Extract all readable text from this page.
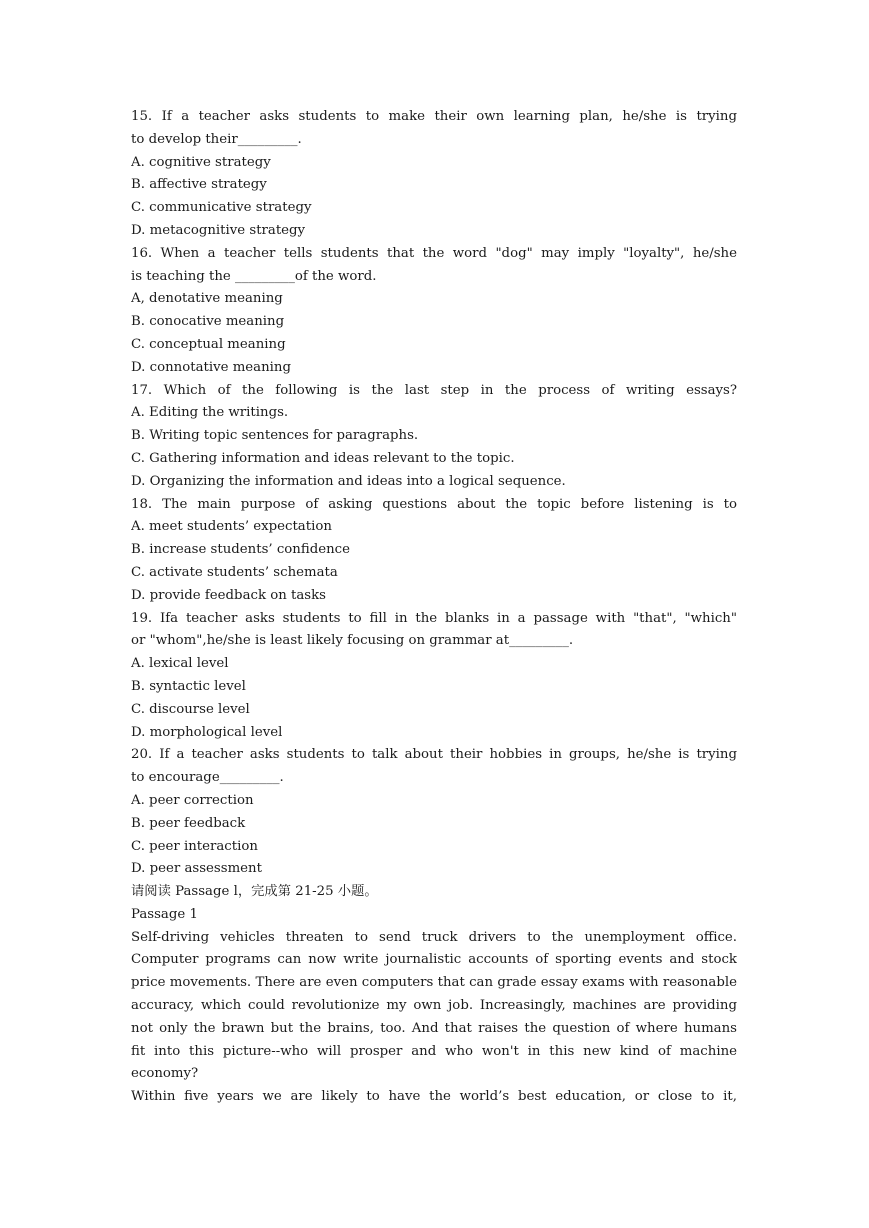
15. If a teacher asks students to make their own learning plan, he/she is trying
to develop their_________.
A. cognitive strategy
B. affective strategy
C. communicative strategy
D. metacognitive strategy
16. When a teacher tells students that the word "dog" may imply "loyalty", he/she
is teaching the _________of the word.
A, denotative meaning
B. conocative meaning
C. conceptual meaning
D. connotative meaning
17. Which of the following is the last step in the process of writing essays?
A. Editing the writings.
B. Writing topic sentences for paragraphs.
C. Gathering information and ideas relevant to the topic.
D. Organizing the information and ideas into a logical sequence.
18. The main purpose of asking questions about the topic before listening is to
A. meet students’ expectation
B. increase students’ confidence
C. activate students’ schemata
D. provide feedback on tasks
19. Ifa teacher asks students to fill in the blanks in a passage with "that", "which"
or "whom",he/she is least likely focusing on grammar at_________.
A. lexical level
B. syntactic level
C. discourse level
D. morphological level
20. If a teacher asks students to talk about their hobbies in groups, he/she is trying
to encourage_________.
A. peer correction
B. peer feedback
C. peer interaction
D. peer assessment
请阅读 Passage l，完成第 21-25 小题。
Passage 1
Self-driving vehicles threaten to send truck drivers to the unemployment office.
Computer programs can now write journalistic accounts of sporting events and stock
price movements. There are even computers that can grade essay exams with reasonable
accuracy, which could revolutionize my own job. Increasingly, machines are providing
not only the brawn but the brains, too. And that raises the question of where humans
fit into this picture--who will prosper and who won't in this new kind of machine
economy?
Within five years we are likely to have the world’s best education, or close to it,
